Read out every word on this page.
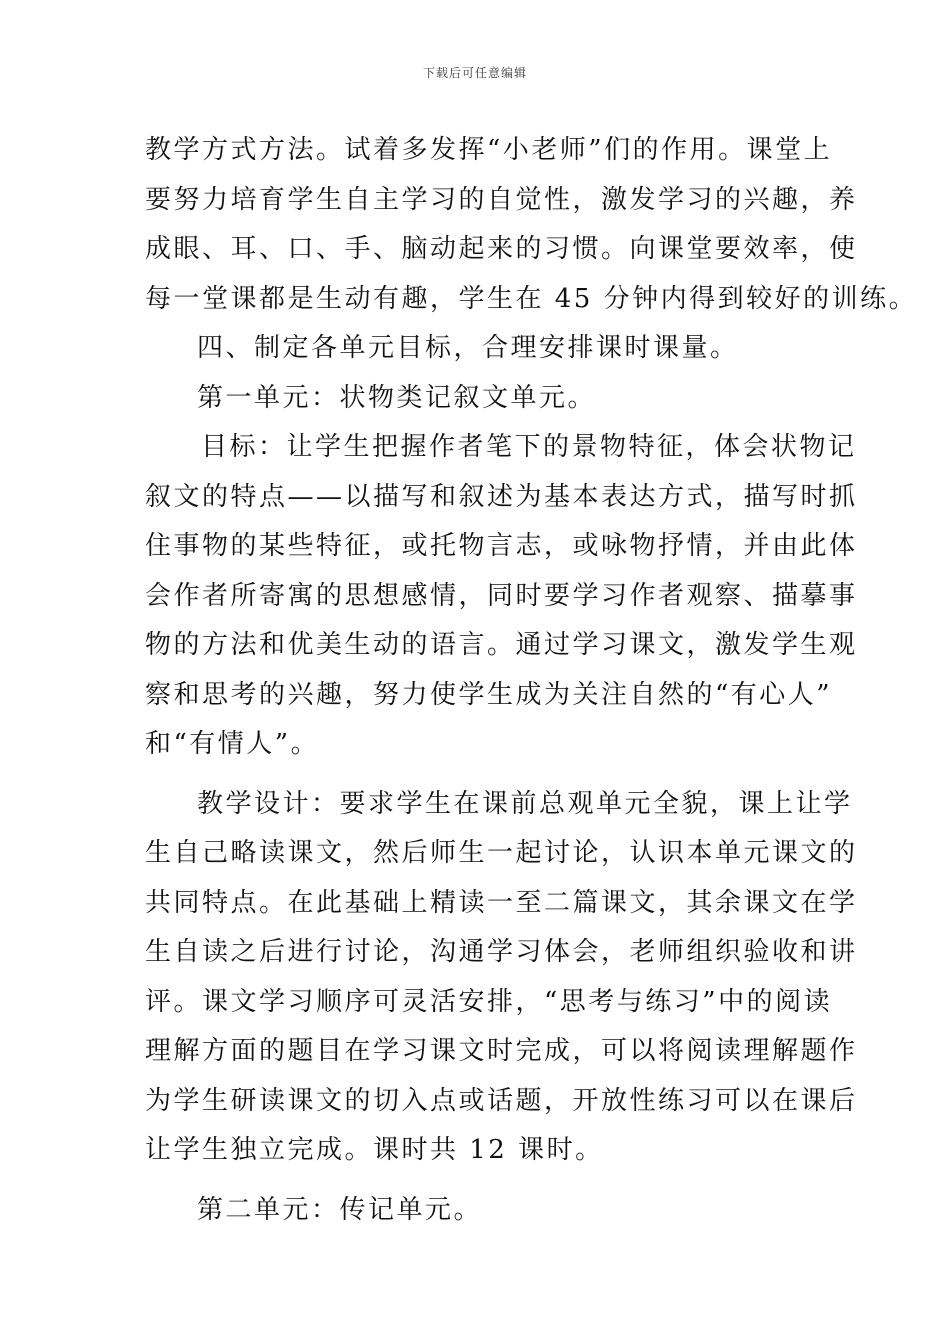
下载后可任意编辑
教学方式方法。试着多发挥“小老师”们的作用。课堂上
要努力培育学生自主学习的自觉性，激发学习的兴趣，养
成眼、耳、口、手、脑动起来的习惯。向课堂要效率，使
每一堂课都是生动有趣，学生在 45 分钟内得到较好的训练。
四、制定各单元目标，合理安排课时课量。
第一单元：状物类记叙文单元。
目标：让学生把握作者笔下的景物特征，体会状物记
叙文的特点——以描写和叙述为基本表达方式，描写时抓
住事物的某些特征，或托物言志，或咏物抒情，并由此体
会作者所寄寓的思想感情，同时要学习作者观察、描摹事
物的方法和优美生动的语言。通过学习课文，激发学生观
察和思考的兴趣，努力使学生成为关注自然的“有心人”
和“有情人”。
教学设计：要求学生在课前总观单元全貌，课上让学
生自己略读课文，然后师生一起讨论，认识本单元课文的
共同特点。在此基础上精读一至二篇课文，其余课文在学
生自读之后进行讨论，沟通学习体会，老师组织验收和讲
评。课文学习顺序可灵活安排，“思考与练习”中的阅读
理解方面的题目在学习课文时完成，可以将阅读理解题作
为学生研读课文的切入点或话题，开放性练习可以在课后
让学生独立完成。课时共 12 课时。
第二单元：传记单元。
